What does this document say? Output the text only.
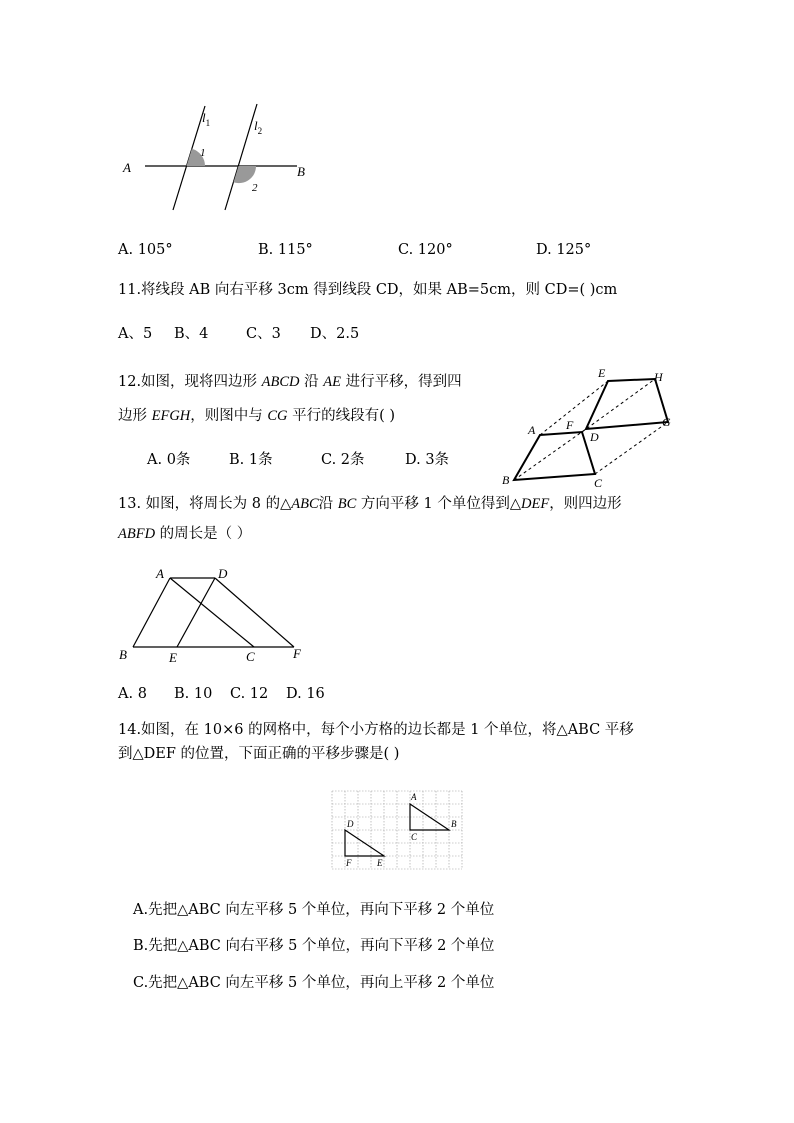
A	B
$l_1$	$l_2$
1
2
A. 105°	B. 115°	C. 120°	D. 125°
11.将线段 AB 向右平移 3cm 得到线段 CD，如果 AB=5cm，则 CD=( )cm
A、5 B、4	C、3 D、2.5
12.如图，现将四边形 ABCD 沿 AE 进行平移，得到四
边形 EFGH，则图中与 CG 平行的线段有( )
A. 0条	B. 1条	C. 2条	D. 3条
E	H
A	F
D
G
B	C
13. 如图，将周长为 8 的△ABC沿 BC 方向平移 1 个单位得到△DEF，则四边形
ABFD 的周长是（ ）
A	D
B	E	C	F
A. 8 B. 10 C. 12 D. 16
14.如图，在 10×6 的网格中，每个小方格的边长都是 1 个单位，将△ABC 平移
到△DEF 的位置，下面正确的平移步骤是( )
A
B
C
D
E
F
A.先把△ABC 向左平移 5 个单位，再向下平移 2 个单位
B.先把△ABC 向右平移 5 个单位，再向下平移 2 个单位
C.先把△ABC 向左平移 5 个单位，再向上平移 2 个单位
